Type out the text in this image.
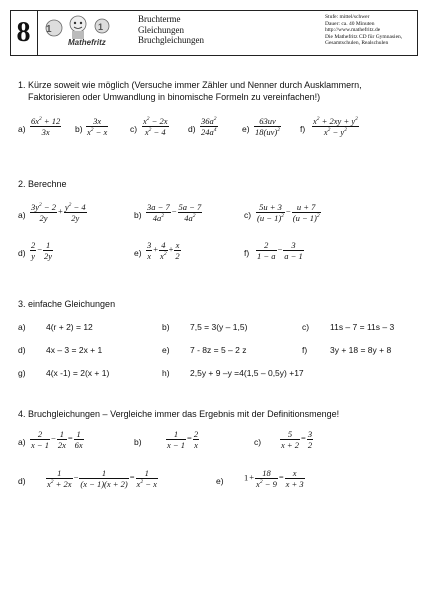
8	1	1
Mathefritz
Bruchterme
Gleichungen
Bruchgleichungen
Stufe: mittel/schwer
Dauer: ca. 40 Minuten
http://www.mathefritz.de
Die Mathefritz CD für Gymnasien,
Gesamtschulen, Realschulen
1. Kürze soweit wie möglich (Versuche immer Zähler und Nenner durch Ausklammern,
Faktorisieren oder Umwandlung in binomische Formeln zu vereinfachen!)
$a) \frac{6x^2 + 12}{3x} b) \frac{3x}{x^2 - x}$	$c) \frac{x^2 - 2x}{x^2 - 4} d) \frac{36a^2}{24a^4}$	$e) \frac{63uv}{18(uv)^2} f) \frac{x^2 + 2xy + y^2}{x^2 - y^2}$
2. Berechne
$a) \frac{3y^2 - 2}{2y} + \frac{y^2 - 4}{2y}$	$b) \frac{3a - 7}{4a^2} - \frac{5a - 7}{4a^2}$	$c) \frac{5u + 3}{(u - 1)^2} - \frac{u + 7}{(u - 1)^2}$
$d) \frac{2}{y} - \frac{1}{2y}$	$e) \frac{3}{x} + \frac{4}{x^2} + \frac{x}{2}$	$f) \frac{2}{1 - a} - \frac{3}{a - 1}$
3. einfache Gleichungen
a) 4(r + 2) = 12	b) 7,5 = 3(y – 1,5)	c) 11s – 7 = 11s – 3
d) 4x – 3 = 2x + 1	e) 7 - 8z = 5 – 2 z	f)	3y + 18 = 8y + 8
g) 4(x -1) = 2(x + 1)	h) 2,5y + 9 –y =4(1,5 – 0,5y) +17
4. Bruchgleichungen – Vergleiche immer das Ergebnis mit der Definitionsmenge!
$a) \frac{2}{x - 1} - \frac{1}{2x} = \frac{1}{6x}$	b)	$\frac{1}{x - 1} = \frac{2}{x}$	$c) \frac{5}{x + 2} = \frac{3}{2}$
$d) \frac{1}{x^2 + 2x} - \frac{1}{(x - 1)(x + 2)} = \frac{1}{x^2 - x}$	e) $1+ \frac{18}{x^2 - 9} = \frac{x}{x + 3}$
